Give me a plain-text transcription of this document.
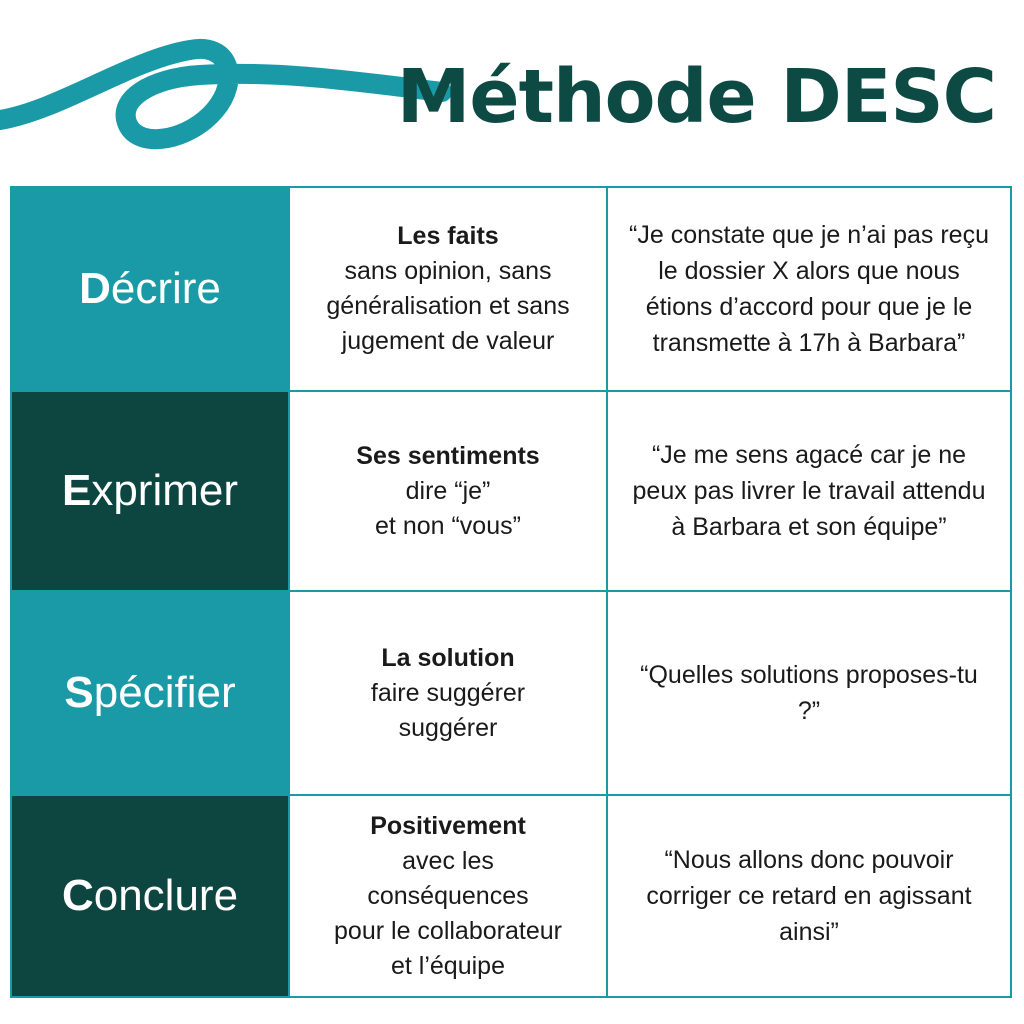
Méthode DESC
D écrire
Les faits
sans opinion, sans
généralisation et sans
jugement de valeur
“Je constate que je n’ai pas reçu le dossier X alors que nous étions d’accord pour que je le transmette à 17h à Barbara”
E xprimer
Ses sentiments
dire “je”
et non “vous”
“Je me sens agacé car je ne peux pas livrer le travail attendu à Barbara et son équipe”
S pécifier
La solution
faire suggérer
suggérer
“Quelles solutions proposes-tu ?”
C onclure
Positivement
avec les
conséquences
pour le collaborateur
et l’équipe
“Nous allons donc pouvoir corriger ce retard en agissant ainsi”
